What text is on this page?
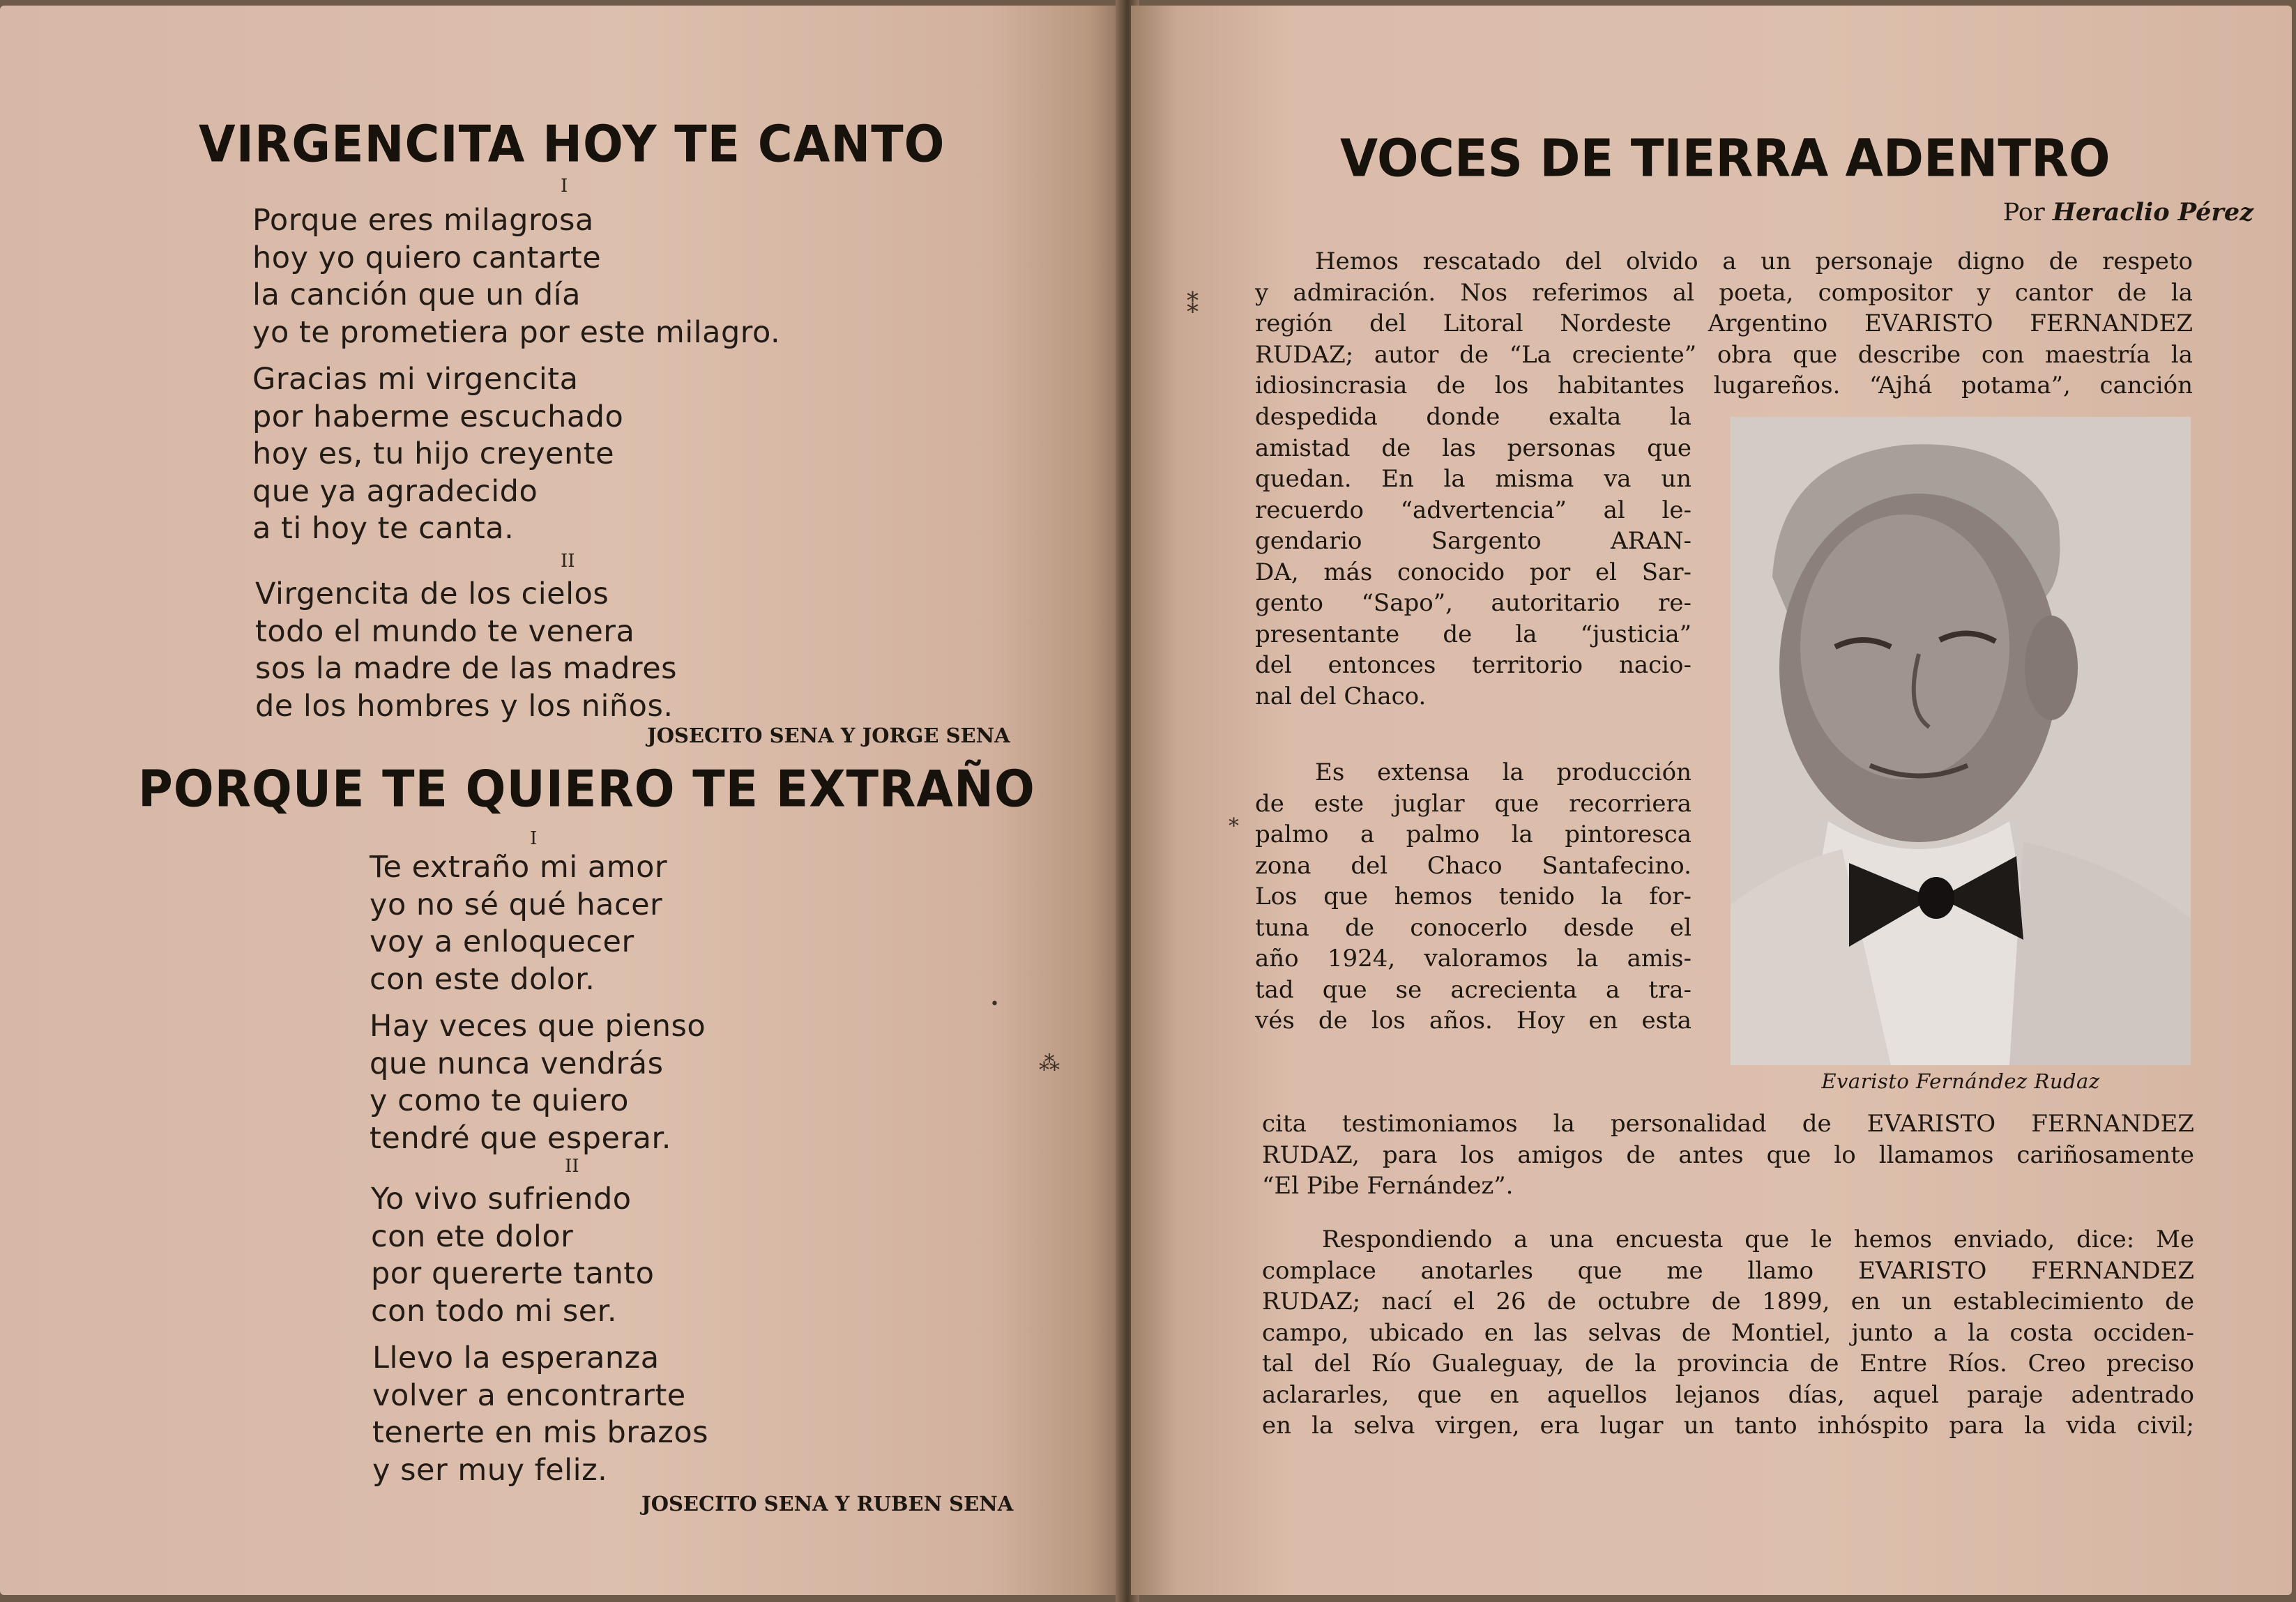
VIRGENCITA HOY TE CANTO

I

Porque eres milagrosa
hoy yo quiero cantarte
la canción que un día
yo te prometiera por este milagro.
Gracias mi virgencita
por haberme escuchado
hoy es, tu hijo creyente
que ya agradecido
a ti hoy te canta.

II

Virgencita de los cielos
todo el mundo te venera
sos la madre de las madres
de los hombres y los niños.

JOSECITO SENA Y JORGE SENA

PORQUE TE QUIERO TE EXTRAÑO

I

Te extraño mi amor
yo no sé qué hacer
voy a enloquecer
con este dolor.
Hay veces que pienso
que nunca vendrás
y como te quiero
tendré que esperar.

II

Yo vivo sufriendo
con ete dolor
por quererte tanto
con todo mi ser.
Llevo la esperanza
volver a encontrarte
tenerte en mis brazos
y ser muy feliz.

JOSECITO SENA Y RUBEN SENA

⁂
•
VOCES DE TIERRA ADENTRO

Por Heraclio Pérez

Hemos rescatado del olvido a un personaje digno de respeto
y admiración. Nos referimos al poeta, compositor y cantor de la
región del Litoral Nordeste Argentino EVARISTO FERNANDEZ
RUDAZ; autor de “La creciente” obra que describe con maestría la
idiosincrasia de los habitantes lugareños. “Ajhá potama”, canción
despedida donde exalta la
amistad de las personas que
quedan. En la misma va un
recuerdo “advertencia” al le-
gendario Sargento ARAN-
DA, más conocido por el Sar-
gento “Sapo”, autoritario re-
presentante de la “justicia”
del entonces territorio nacio-
nal del Chaco.
Es extensa la producción
de este juglar que recorriera
palmo a palmo la pintoresca
zona del Chaco Santafecino.
Los que hemos tenido la for-
tuna de conocerlo desde el
año 1924, valoramos la amis-
tad que se acrecienta a tra-
vés de los años. Hoy en esta

Evaristo Fernández Rudaz

cita testimoniamos la personalidad de EVARISTO FERNANDEZ
RUDAZ, para los amigos de antes que lo llamamos cariñosamente
“El Pibe Fernández”.
Respondiendo a una encuesta que le hemos enviado, dice: Me
complace anotarles que me llamo EVARISTO FERNANDEZ
RUDAZ; nací el 26 de octubre de 1899, en un establecimiento de
campo, ubicado en las selvas de Montiel, junto a la costa occiden-
tal del Río Gualeguay, de la provincia de Entre Ríos. Creo preciso
aclararles, que en aquellos lejanos días, aquel paraje adentrado
en la selva virgen, era lugar un tanto inhóspito para la vida civil;
⁑
⁎
